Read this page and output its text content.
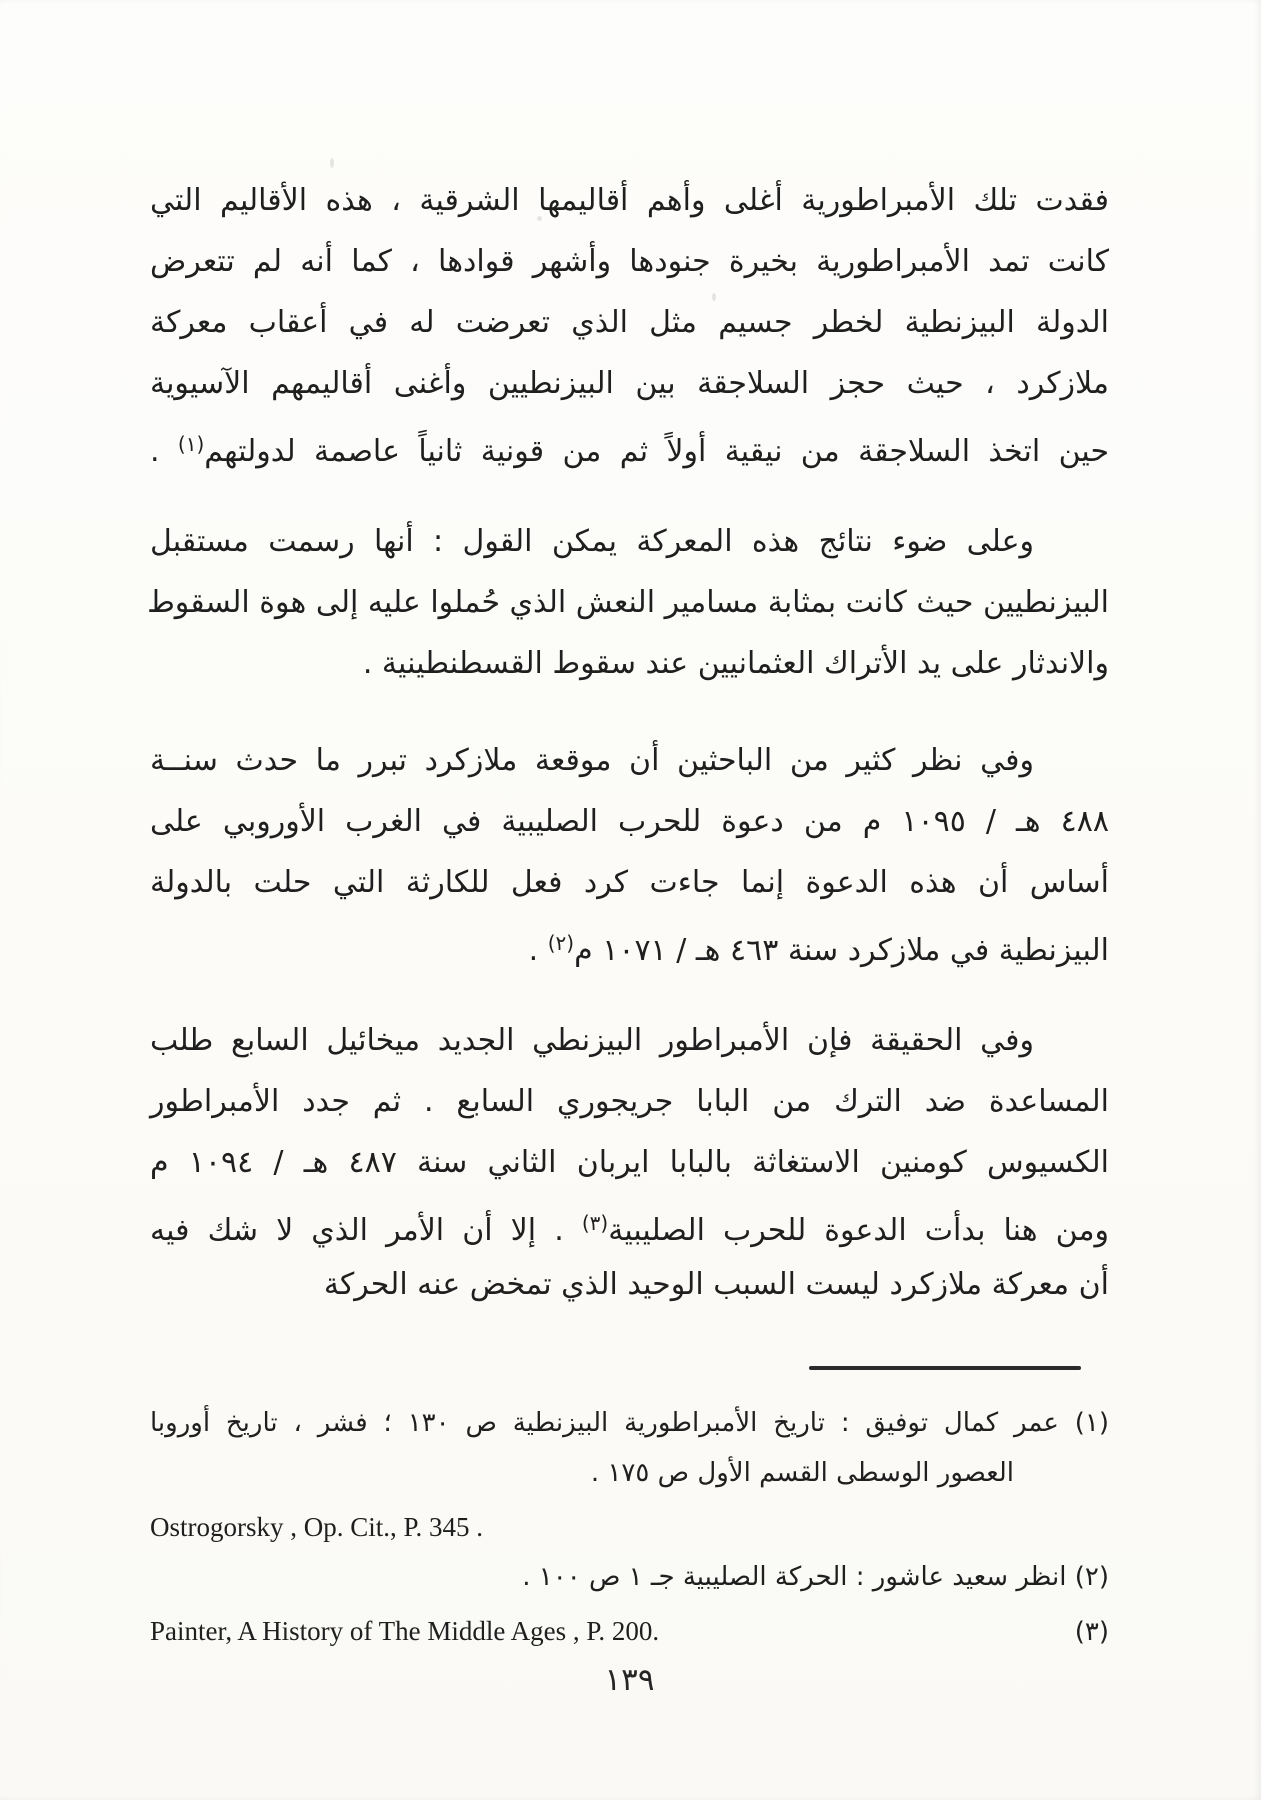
فقدت تلك الأمبراطورية أغلى وأهم أقاليمها الشرقية ، هذه الأقاليم التي
كانت تمد الأمبراطورية بخيرة جنودها وأشهر قوادها ، كما أنه لم تتعرض
الدولة البيزنطية لخطر جسيم مثل الذي تعرضت له في أعقاب معركة
ملازكرد ، حيث حجز السلاجقة بين البيزنطيين وأغنى أقاليمهم الآسيوية
حين اتخذ السلاجقة من نيقية أولاً ثم من قونية ثانياً عاصمة لدولتهم$^{(١)}$ .
وعلى ضوء نتائج هذه المعركة يمكن القول : أنها رسمت مستقبل
البيزنطيين حيث كانت بمثابة مسامير النعش الذي حُملوا عليه إلى هوة السقوط
والاندثار على يد الأتراك العثمانيين عند سقوط القسطنطينية .
وفي نظر كثير من الباحثين أن موقعة ملازكرد تبرر ما حدث سنــة
٤٨٨ هـ / ١٠٩٥ م من دعوة للحرب الصليبية في الغرب الأوروبي على
أساس أن هذه الدعوة إنما جاءت كرد فعل للكارثة التي حلت بالدولة
البيزنطية في ملازكرد سنة ٤٦٣ هـ / ١٠٧١ م$^{(٢)}$ .
وفي الحقيقة فإن الأمبراطور البيزنطي الجديد ميخائيل السابع طلب
المساعدة ضد الترك من البابا جريجوري السابع . ثم جدد الأمبراطور
الكسيوس كومنين الاستغاثة بالبابا ايربان الثاني سنة ٤٨٧ هـ / ١٠٩٤ م
ومن هنا بدأت الدعوة للحرب الصليبية$^{(٣)}$ . إلا أن الأمر الذي لا شك فيه
أن معركة ملازكرد ليست السبب الوحيد الذي تمخض عنه الحركة
(١) عمر كمال توفيق : تاريخ الأمبراطورية البيزنطية ص ١٣٠ ؛ فشر ، تاريخ أوروبا
العصور الوسطى القسم الأول ص ١٧٥ .
Ostrogorsky , Op. Cit., P. 345 .
(٢) انظر سعيد عاشور : الحركة الصليبية جـ ١ ص ١٠٠ .
Painter, A History of The Middle Ages , P. 200.	(٣)
١٣٩
